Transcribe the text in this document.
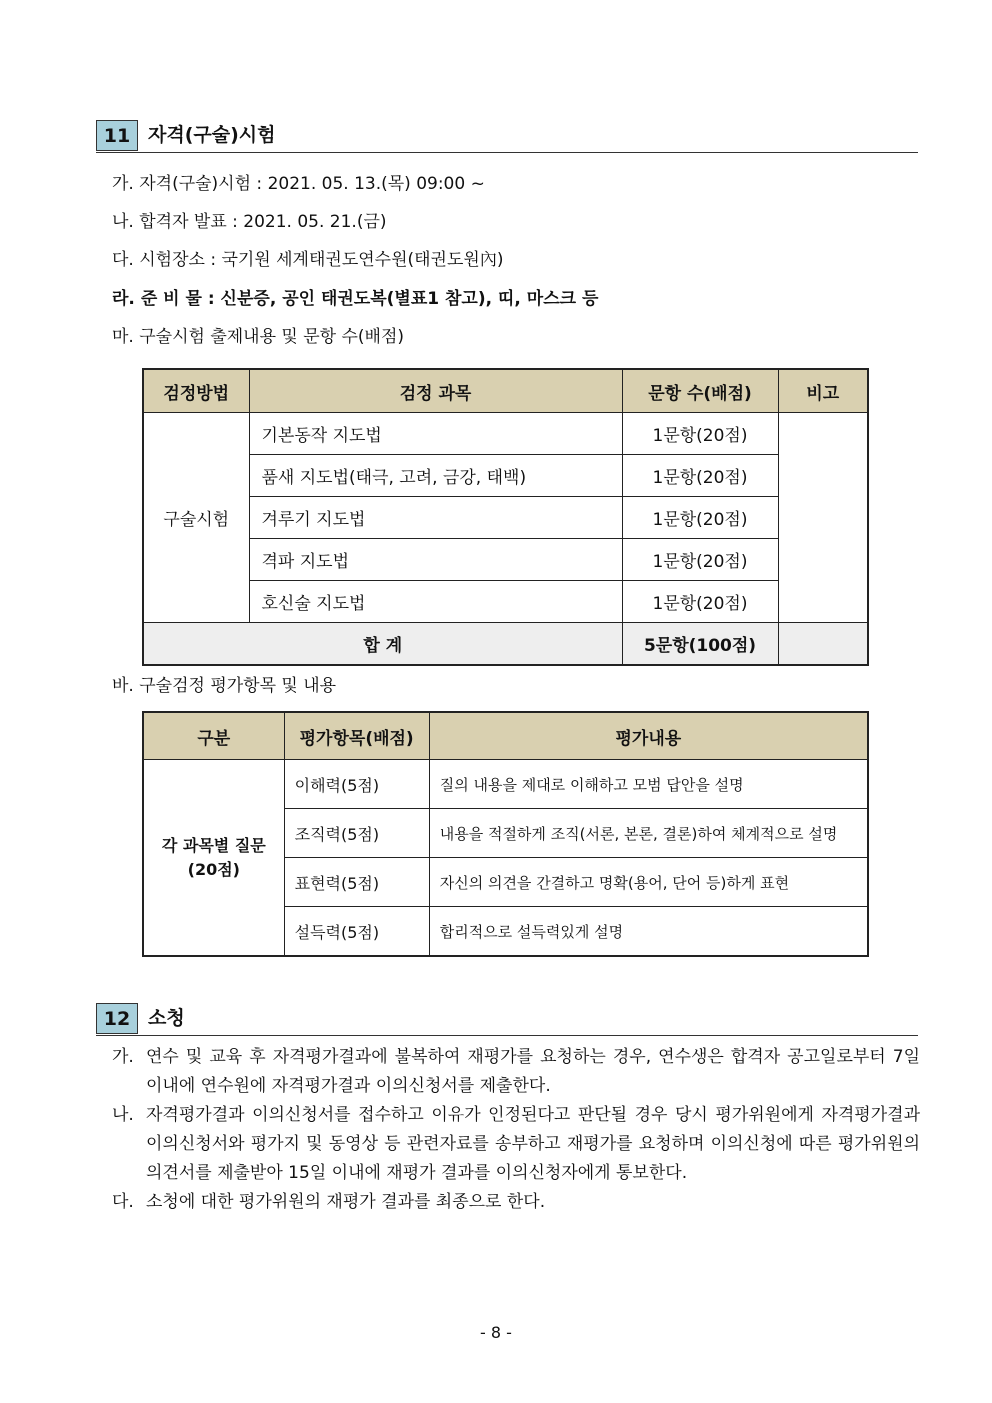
11 자격(구술)시험
가. 자격(구술)시험 : 2021. 05. 13.(목) 09:00 ~
나. 합격자 발표 : 2021. 05. 21.(금)
다. 시험장소 : 국기원 세계태권도연수원(태권도원內)
라. 준 비 물 : 신분증, 공인 태권도복(별표1 참고), 띠, 마스크 등
마. 구술시험 출제내용 및 문항 수(배점)
검정방법	검정 과목	문항 수(배점)	비고
구술시험	기본동작 지도법	1문항(20점)	
	품새 지도법(태극, 고려, 금강, 태백)	1문항(20점)	
	겨루기 지도법	1문항(20점)	
	격파 지도법	1문항(20점)	
	호신술 지도법	1문항(20점)	
합 계		5문항(100점)	
바. 구술검정 평가항목 및 내용
구분	평가항목(배점)	평가내용
각 과목별 질문
(20점)	이해력(5점)	질의 내용을 제대로 이해하고 모범 답안을 설명
	조직력(5점)	내용을 적절하게 조직(서론, 본론, 결론)하여 체계적으로 설명
	표현력(5점)	자신의 의견을 간결하고 명확(용어, 단어 등)하게 표현
	설득력(5점)	합리적으로 설득력있게 설명
12 소청
가. 연수 및 교육 후 자격평가결과에 불복하여 재평가를 요청하는 경우, 연수생은 합격자 공고일로부터 7일 이내에 연수원에 자격평가결과 이의신청서를 제출한다.
나. 자격평가결과 이의신청서를 접수하고 이유가 인정된다고 판단될 경우 당시 평가위원에게 자격평가결과 이의신청서와 평가지 및 동영상 등 관련자료를 송부하고 재평가를 요청하며 이의신청에 따른 평가위원의 의견서를 제출받아 15일 이내에 재평가 결과를 이의신청자에게 통보한다.
다. 소청에 대한 평가위원의 재평가 결과를 최종으로 한다.
- 8 -
